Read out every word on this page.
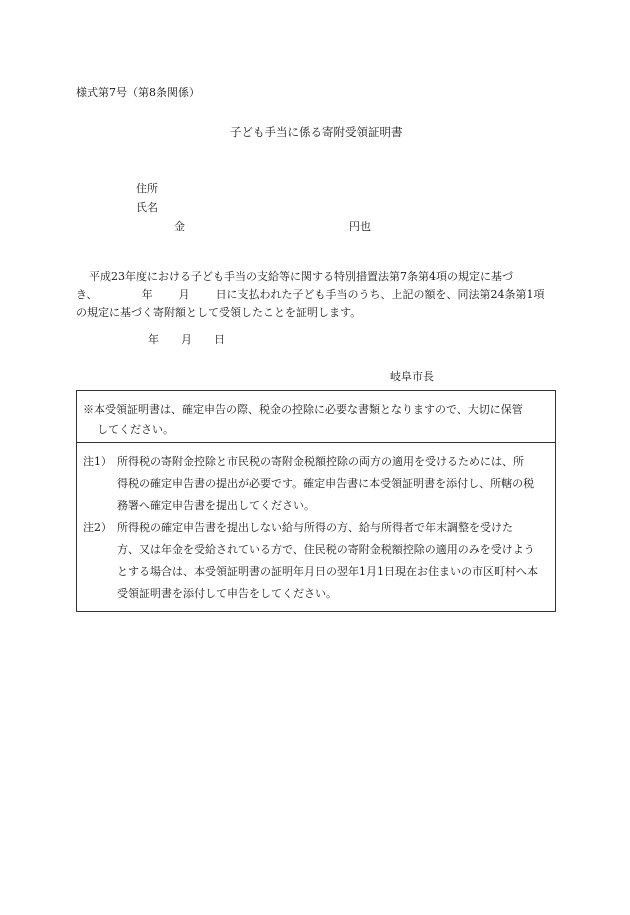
様式第7号（第8条関係）
子ども手当に係る寄附受領証明書
住所
氏名
金	円也
平成23年度における子ども手当の支給等に関する特別措置法第7条第4項の規定に基づ
き、	年 月 日に支払われた子ども手当のうち、上記の額を、同法第24条第1項
の規定に基づく寄附額として受領したことを証明します。
年 月 日
岐阜市長
※本受領証明書は、確定申告の際、税金の控除に必要な書類となりますので、大切に保管
してください。
注1） 所得税の寄附金控除と市民税の寄附金税額控除の両方の適用を受けるためには、所
得税の確定申告書の提出が必要です。確定申告書に本受領証明書を添付し、所轄の税
務署へ確定申告書を提出してください。
注2） 所得税の確定申告書を提出しない給与所得の方、給与所得者で年末調整を受けた
方、又は年金を受給されている方で、住民税の寄附金税額控除の適用のみを受けよう
とする場合は、本受領証明書の証明年月日の翌年1月1日現在お住まいの市区町村へ本
受領証明書を添付して申告をしてください。
